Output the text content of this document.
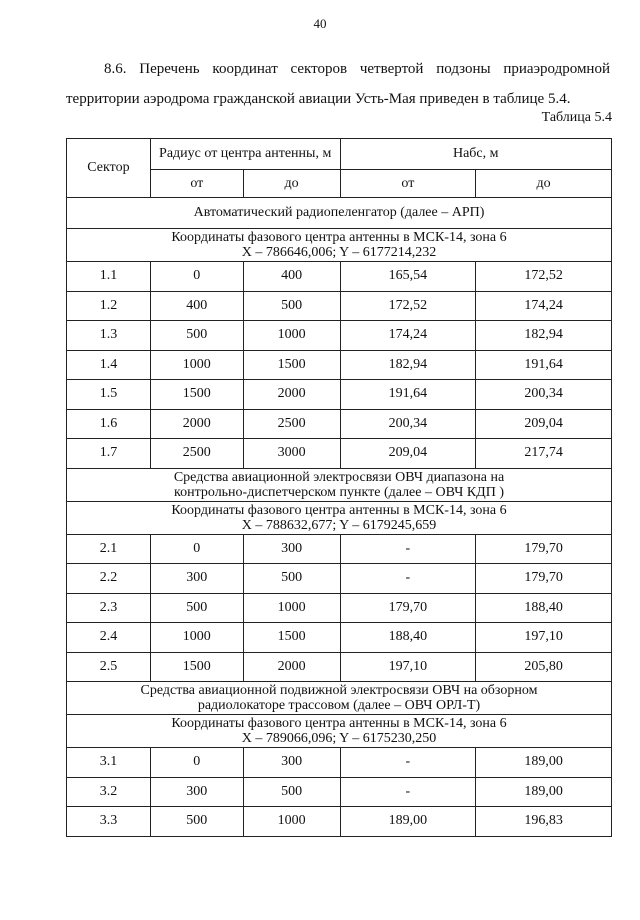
40
8.6. Перечень координат секторов четвертой подзоны приаэродромной
территории аэродрома гражданской авиации Усть-Мая приведен в таблице 5.4.
Таблица 5.4
Сектор	Радиус от центра антенны, м		Набс, м	
	от	до	от	до

Автоматический радиопеленгатор (далее – АРП)				

Координаты фазового центра антенны в МСК-14, зона 6
X – 786646,006; Y – 6177214,232				

1.1	0	400	165,54	172,52
1.2	400	500	172,52	174,24
1.3	500	1000	174,24	182,94
1.4	1000	1500	182,94	191,64
1.5	1500	2000	191,64	200,34
1.6	2000	2500	200,34	209,04
1.7	2500	3000	209,04	217,74

Средства авиационной электросвязи ОВЧ диапазона на
контрольно-диспетчерском пункте (далее – ОВЧ КДП )				

Координаты фазового центра антенны в МСК-14, зона 6
X – 788632,677; Y – 6179245,659				

2.1	0	300	-	179,70
2.2	300	500	-	179,70
2.3	500	1000	179,70	188,40
2.4	1000	1500	188,40	197,10
2.5	1500	2000	197,10	205,80

Средства авиационной подвижной электросвязи ОВЧ на обзорном
радиолокаторе трассовом (далее – ОВЧ ОРЛ-Т)				

Координаты фазового центра антенны в МСК-14, зона 6
X – 789066,096; Y – 6175230,250				

3.1	0	300	-	189,00
3.2	300	500	-	189,00
3.3	500	1000	189,00	196,83
